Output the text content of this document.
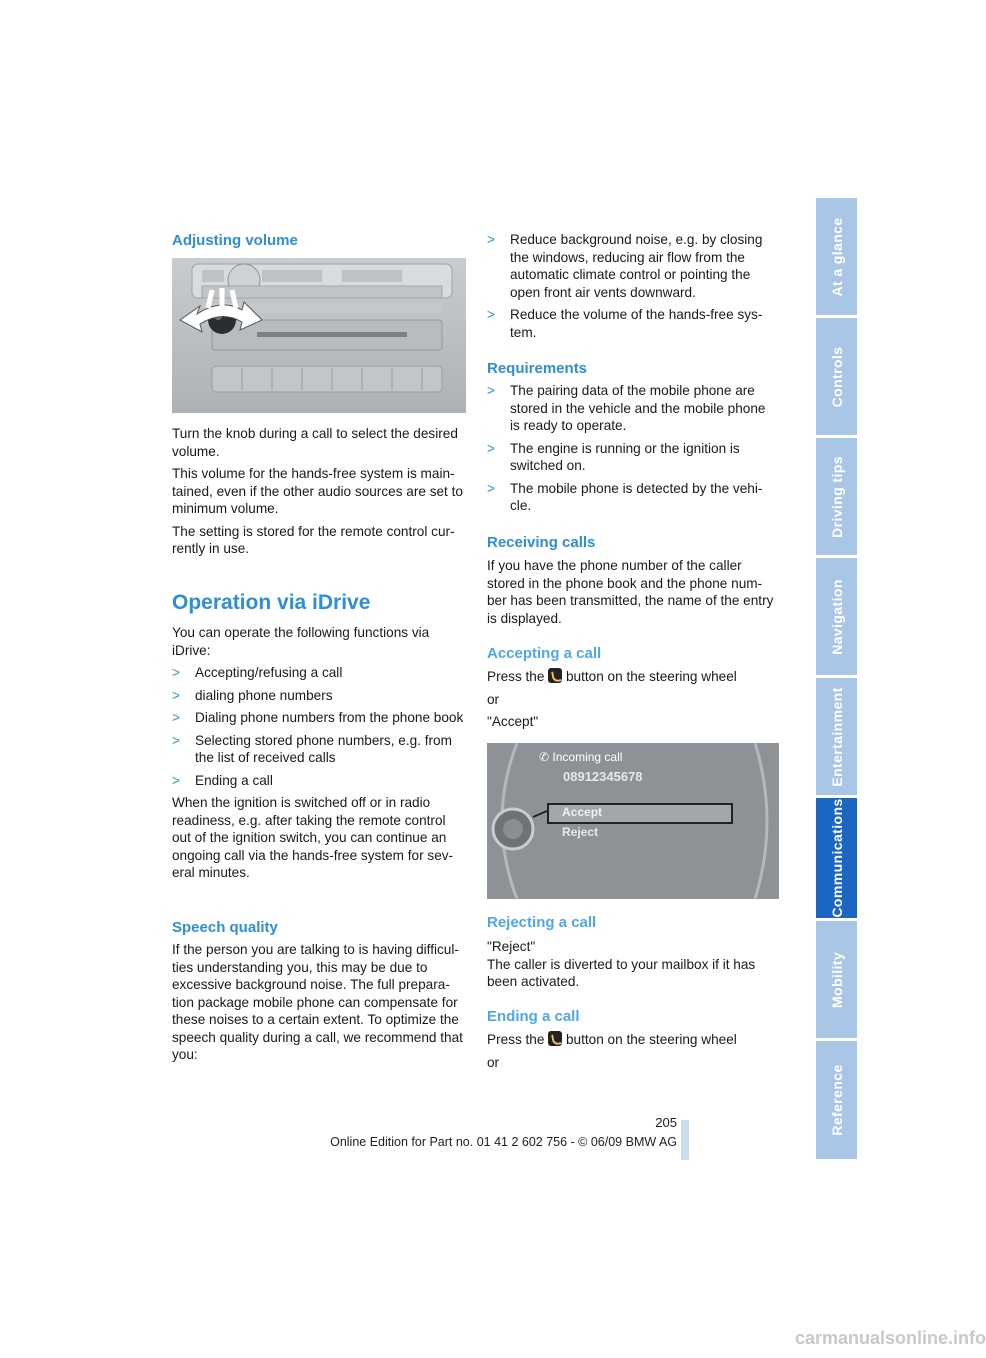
Adjusting volume

Turn the knob during a call to select the desired volume.

This volume for the hands-free system is main-tained, even if the other audio sources are set to minimum volume.

The setting is stored for the remote control cur-rently in use.

Operation via iDrive

You can operate the following functions via iDrive:

> Accepting/refusing a call

> dialing phone numbers

> Dialing phone numbers from the phone book

> Selecting stored phone numbers, e.g. from the list of received calls

> Ending a call

When the ignition is switched off or in radio readiness, e.g. after taking the remote control out of the ignition switch, you can continue an ongoing call via the hands-free system for sev-eral minutes.

Speech quality
If the person you are talking to is having difficul-ties understanding you, this may be due to excessive background noise. The full prepara-tion package mobile phone can compensate for these noises to a certain extent. To optimize the speech quality during a call, we recommend that you:

> Reduce background noise, e.g. by closing the windows, reducing air flow from the automatic climate control or pointing the open front air vents downward.

> Reduce the volume of the hands-free sys-tem.

Requirements

> The pairing data of the mobile phone are stored in the vehicle and the mobile phone is ready to operate.

> The engine is running or the ignition is switched on.

> The mobile phone is detected by the vehi-cle.

Receiving calls
If you have the phone number of the caller stored in the phone book and the phone num-ber has been transmitted, the name of the entry is displayed.
Accepting a call

Press the button on the steering wheel

or

"Accept"

✆ Incoming call
08912345678
Accept
Reject
Rejecting a call

"Reject"

The caller is diverted to your mailbox if it has been activated.

Ending a call

Press the button on the steering wheel

or

At a glance
Controls
Driving tips
Navigation
Entertainment
Communications
Mobility
Reference
205
Online Edition for Part no. 01 41 2 602 756 - © 06/09 BMW AG
carmanualsonline.info
